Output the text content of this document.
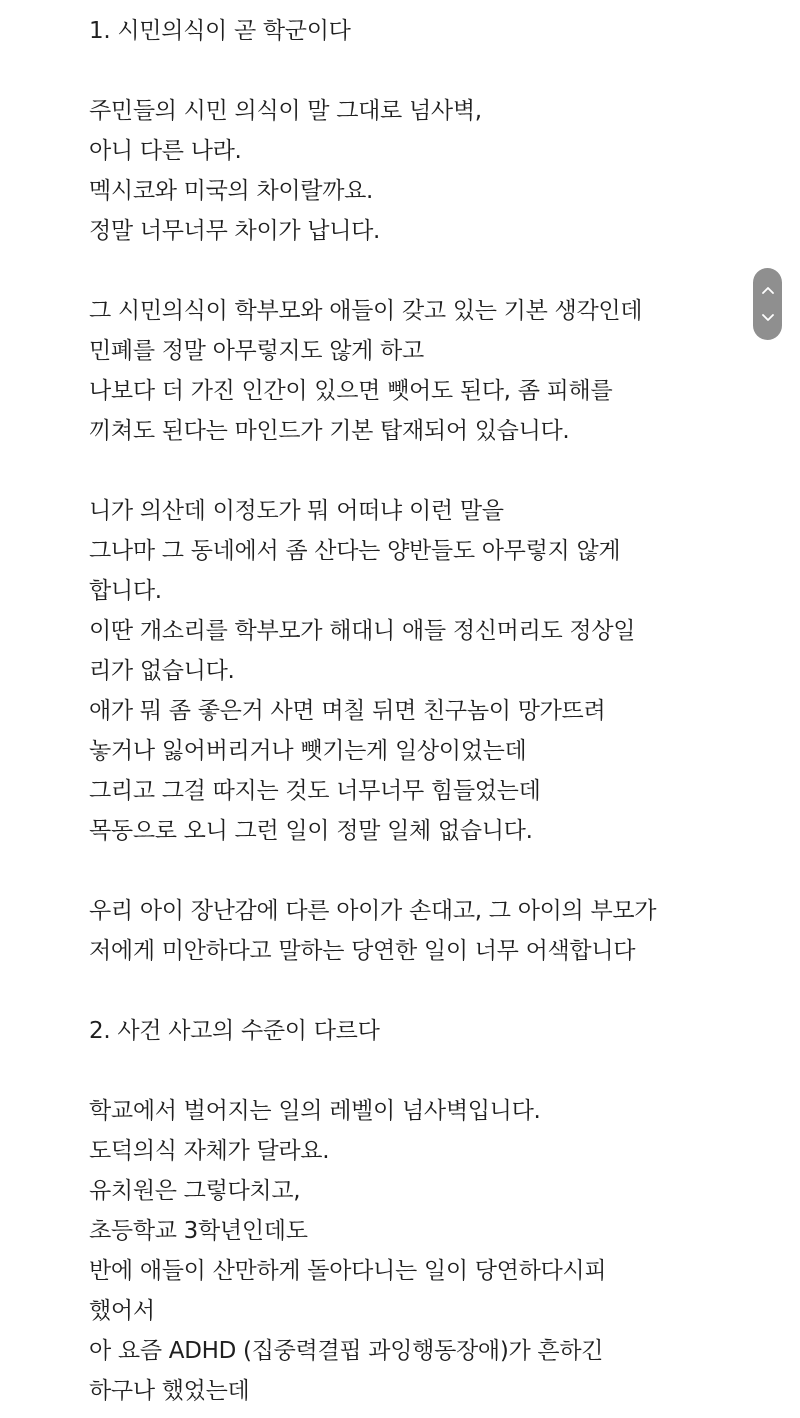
1. 시민의식이 곧 학군이다
주민들의 시민 의식이 말 그대로 넘사벽,
아니 다른 나라.
멕시코와 미국의 차이랄까요.
정말 너무너무 차이가 납니다.
그 시민의식이 학부모와 애들이 갖고 있는 기본 생각인데
민폐를 정말 아무렇지도 않게 하고
나보다 더 가진 인간이 있으면 뺏어도 된다, 좀 피해를
끼쳐도 된다는 마인드가 기본 탑재되어 있습니다.
니가 의산데 이정도가 뭐 어떠냐 이런 말을
그나마 그 동네에서 좀 산다는 양반들도 아무렇지 않게
합니다.
이딴 개소리를 학부모가 해대니 애들 정신머리도 정상일
리가 없습니다.
애가 뭐 좀 좋은거 사면 며칠 뒤면 친구놈이 망가뜨려
놓거나 잃어버리거나 뺏기는게 일상이었는데
그리고 그걸 따지는 것도 너무너무 힘들었는데
목동으로 오니 그런 일이 정말 일체 없습니다.
우리 아이 장난감에 다른 아이가 손대고, 그 아이의 부모가
저에게 미안하다고 말하는 당연한 일이 너무 어색합니다
2. 사건 사고의 수준이 다르다
학교에서 벌어지는 일의 레벨이 넘사벽입니다.
도덕의식 자체가 달라요.
유치원은 그렇다치고,
초등학교 3학년인데도
반에 애들이 산만하게 돌아다니는 일이 당연하다시피
했어서
아 요즘 ADHD (집중력결핍 과잉행동장애)가 흔하긴
하구나 했었는데
